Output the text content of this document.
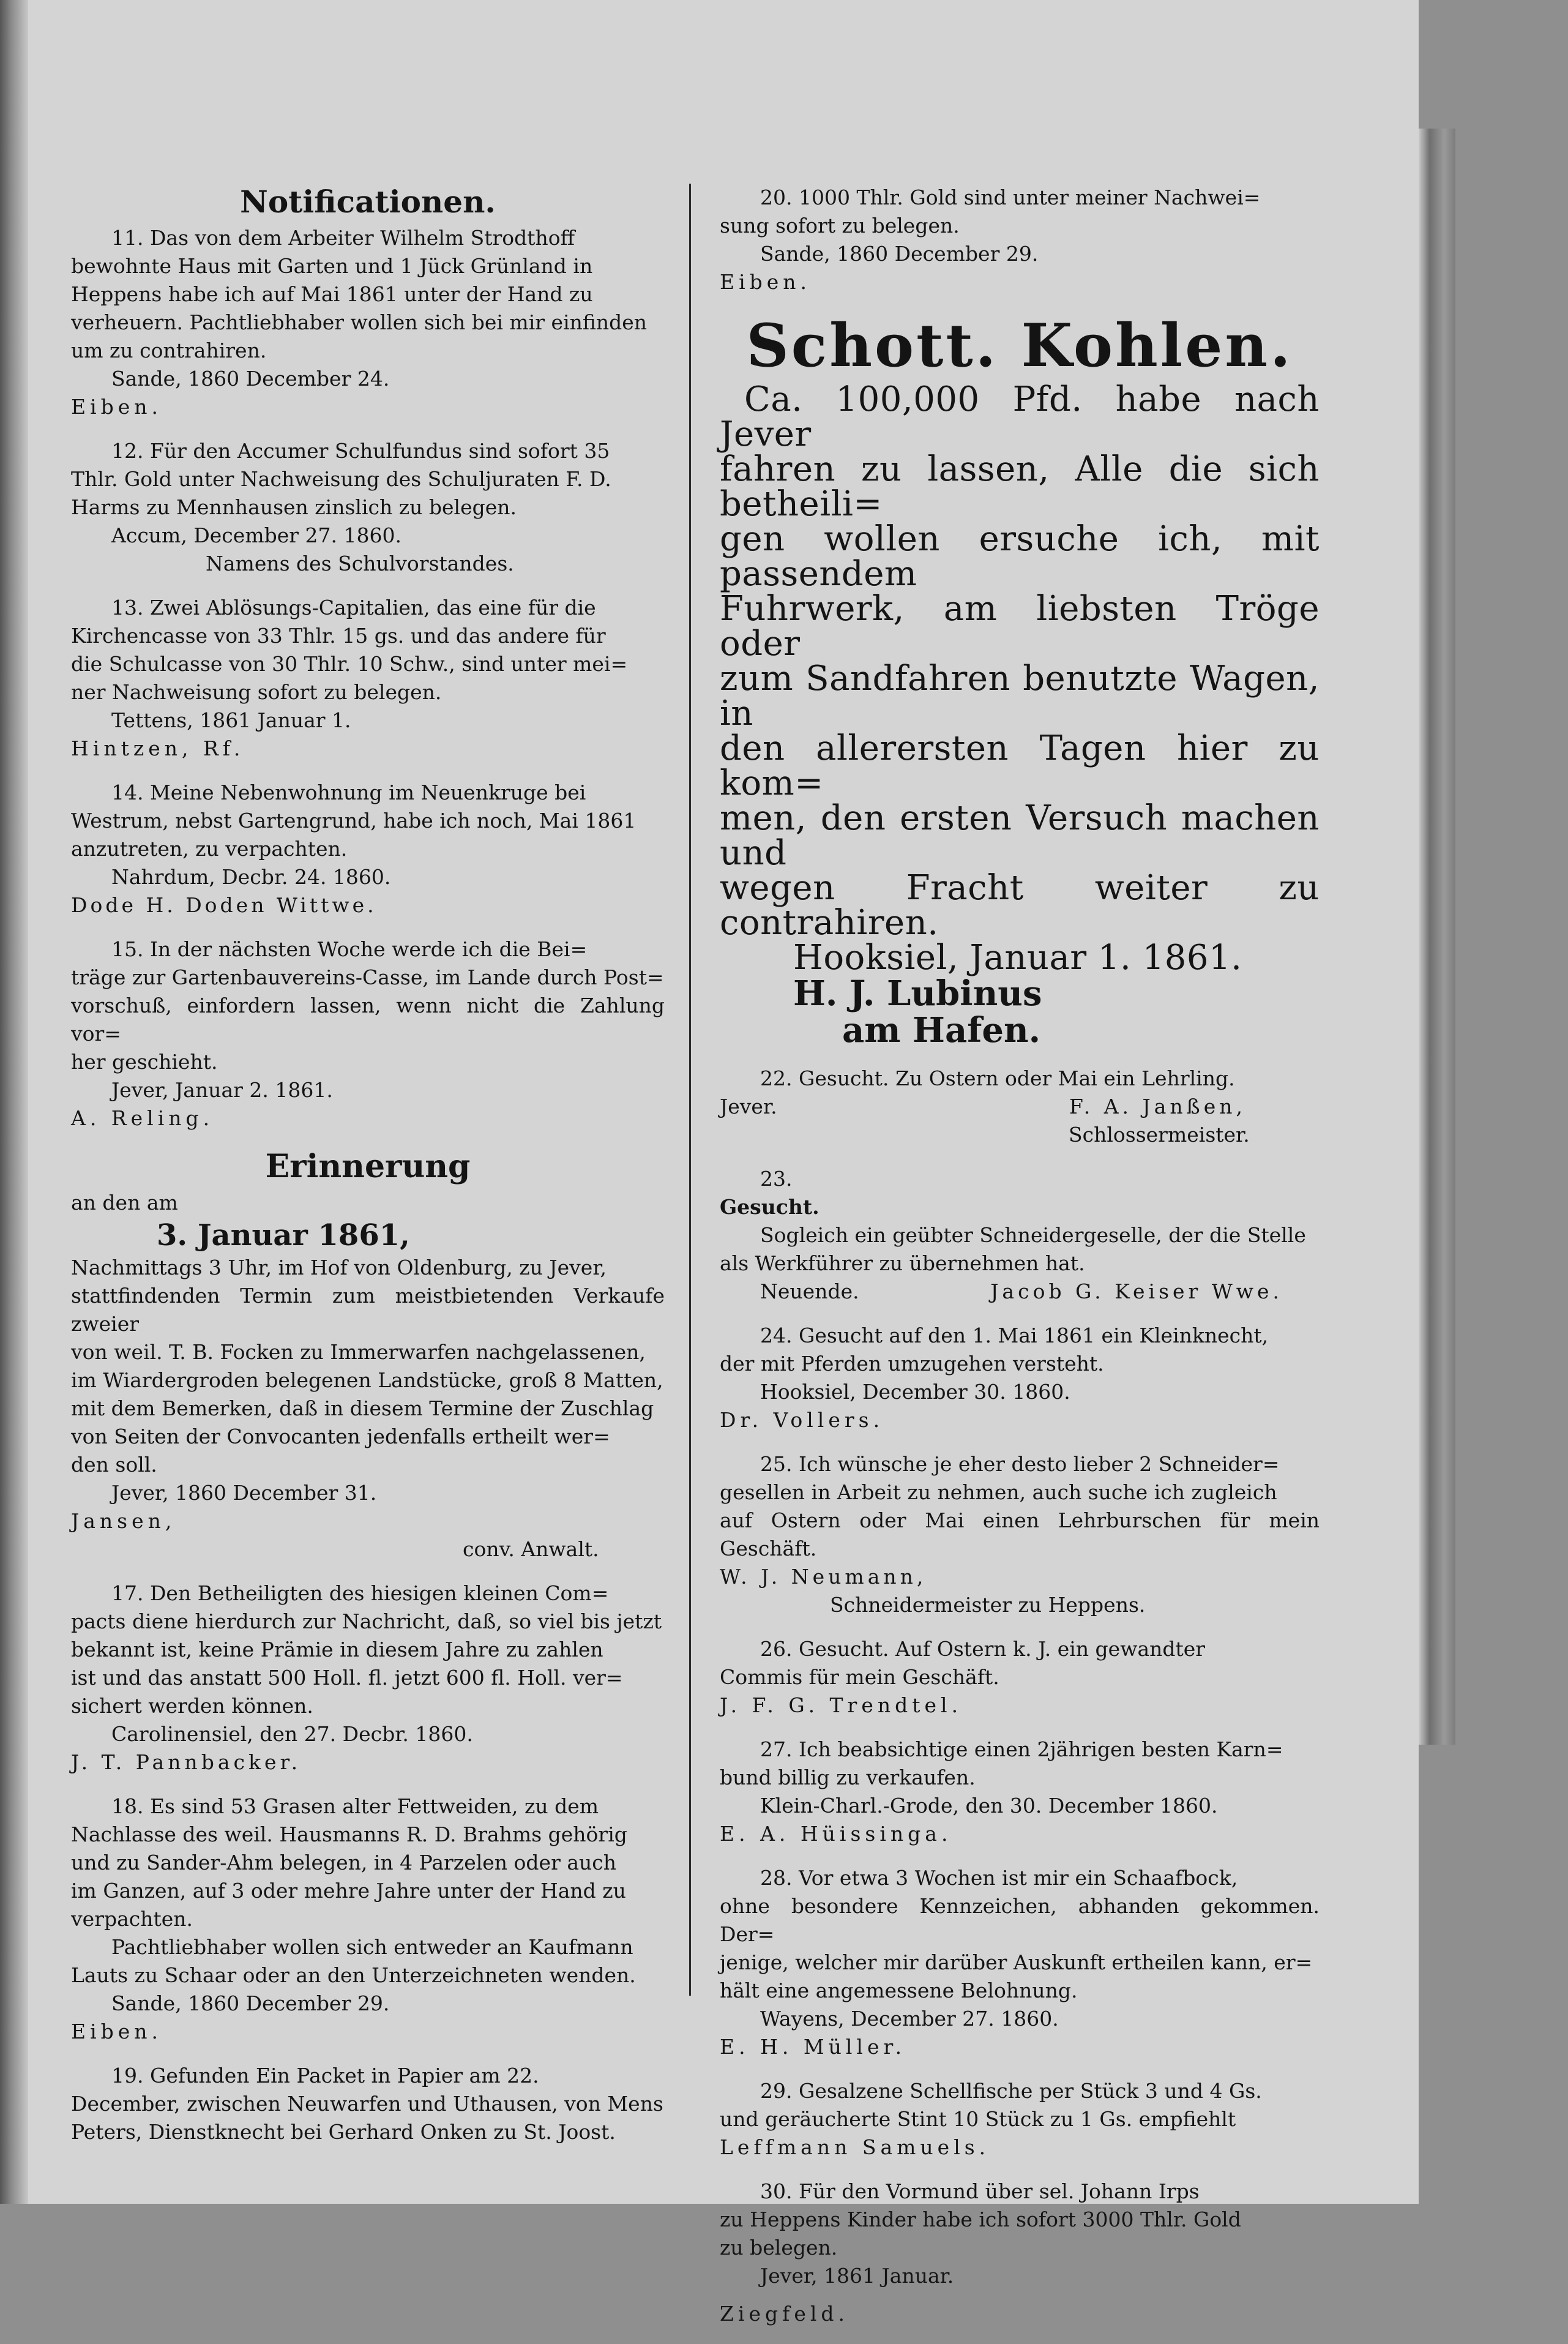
Notificationen.

11. Das von dem Arbeiter Wilhelm Strodthoff

bewohnte Haus mit Garten und 1 Jück Grünland in

Heppens habe ich auf Mai 1861 unter der Hand zu

verheuern. Pachtliebhaber wollen sich bei mir einfinden

um zu contrahiren.

Sande, 1860 December 24.

Eiben.

12. Für den Accumer Schulfundus sind sofort 35

Thlr. Gold unter Nachweisung des Schuljuraten F. D.

Harms zu Mennhausen zinslich zu belegen.

Accum, December 27. 1860.

Namens des Schulvorstandes.

13. Zwei Ablösungs-Capitalien, das eine für die

Kirchencasse von 33 Thlr. 15 gs. und das andere für

die Schulcasse von 30 Thlr. 10 Schw., sind unter mei=

ner Nachweisung sofort zu belegen.

Tettens, 1861 Januar 1.

Hintzen, Rf.

14. Meine Nebenwohnung im Neuenkruge bei

Westrum, nebst Gartengrund, habe ich noch, Mai 1861

anzutreten, zu verpachten.

Nahrdum, Decbr. 24. 1860.

Dode H. Doden Wittwe.

15. In der nächsten Woche werde ich die Bei=

träge zur Gartenbauvereins-Casse, im Lande durch Post=

vorschuß, einfordern lassen, wenn nicht die Zahlung vor=

her geschieht.

Jever, Januar 2. 1861.

A. Reling.

Erinnerung

an den am

3. Januar 1861,

Nachmittags 3 Uhr, im Hof von Oldenburg, zu Jever,

stattfindenden Termin zum meistbietenden Verkaufe zweier

von weil. T. B. Focken zu Immerwarfen nachgelassenen,

im Wiardergroden belegenen Landstücke, groß 8 Matten,

mit dem Bemerken, daß in diesem Termine der Zuschlag

von Seiten der Convocanten jedenfalls ertheilt wer=

den soll.

Jever, 1860 December 31.

Jansen,

conv. Anwalt.

17. Den Betheiligten des hiesigen kleinen Com=

pacts diene hierdurch zur Nachricht, daß, so viel bis jetzt

bekannt ist, keine Prämie in diesem Jahre zu zahlen

ist und das anstatt 500 Holl. fl. jetzt 600 fl. Holl. ver=

sichert werden können.

Carolinensiel, den 27. Decbr. 1860.

J. T. Pannbacker.

18. Es sind 53 Grasen alter Fettweiden, zu dem

Nachlasse des weil. Hausmanns R. D. Brahms gehörig

und zu Sander-Ahm belegen, in 4 Parzelen oder auch

im Ganzen, auf 3 oder mehre Jahre unter der Hand zu

verpachten.

Pachtliebhaber wollen sich entweder an Kaufmann

Lauts zu Schaar oder an den Unterzeichneten wenden.

Sande, 1860 December 29.

Eiben.

19. Gefunden Ein Packet in Papier am 22.

December, zwischen Neuwarfen und Uthausen, von Mens

Peters, Dienstknecht bei Gerhard Onken zu St. Joost.

20. 1000 Thlr. Gold sind unter meiner Nachwei=

sung sofort zu belegen.

Sande, 1860 December 29.

Eiben.

Schott. Kohlen.

Ca. 100,000 Pfd. habe nach Jever

fahren zu lassen, Alle die sich betheili=

gen wollen ersuche ich, mit passendem

Fuhrwerk, am liebsten Tröge oder

zum Sandfahren benutzte Wagen, in

den allerersten Tagen hier zu kom=

men, den ersten Versuch machen und

wegen Fracht weiter zu contrahiren.

Hooksiel, Januar 1. 1861.

H. J. Lubinus

am Hafen.

22. Gesucht. Zu Ostern oder Mai ein Lehrling.

Jever.	F. A. Janßen,

Schlossermeister.

23.

Gesucht.

Sogleich ein geübter Schneidergeselle, der die Stelle

als Werkführer zu übernehmen hat.

Neuende.	Jacob G. Keiser Wwe.

24. Gesucht auf den 1. Mai 1861 ein Kleinknecht,

der mit Pferden umzugehen versteht.

Hooksiel, December 30. 1860.

Dr. Vollers.

25. Ich wünsche je eher desto lieber 2 Schneider=

gesellen in Arbeit zu nehmen, auch suche ich zugleich

auf Ostern oder Mai einen Lehrburschen für mein Geschäft.

W. J. Neumann,

Schneidermeister zu Heppens.

26. Gesucht. Auf Ostern k. J. ein gewandter

Commis für mein Geschäft.

J. F. G. Trendtel.

27. Ich beabsichtige einen 2jährigen besten Karn=

bund billig zu verkaufen.

Klein-Charl.-Grode, den 30. December 1860.

E. A. Hüissinga.

28. Vor etwa 3 Wochen ist mir ein Schaafbock,

ohne besondere Kennzeichen, abhanden gekommen. Der=

jenige, welcher mir darüber Auskunft ertheilen kann, er=

hält eine angemessene Belohnung.

Wayens, December 27. 1860.

E. H. Müller.

29. Gesalzene Schellfische per Stück 3 und 4 Gs.

und geräucherte Stint 10 Stück zu 1 Gs. empfiehlt

Leffmann Samuels.

30. Für den Vormund über sel. Johann Irps

zu Heppens Kinder habe ich sofort 3000 Thlr. Gold

zu belegen.

Jever, 1861 Januar.

Ziegfeld.
